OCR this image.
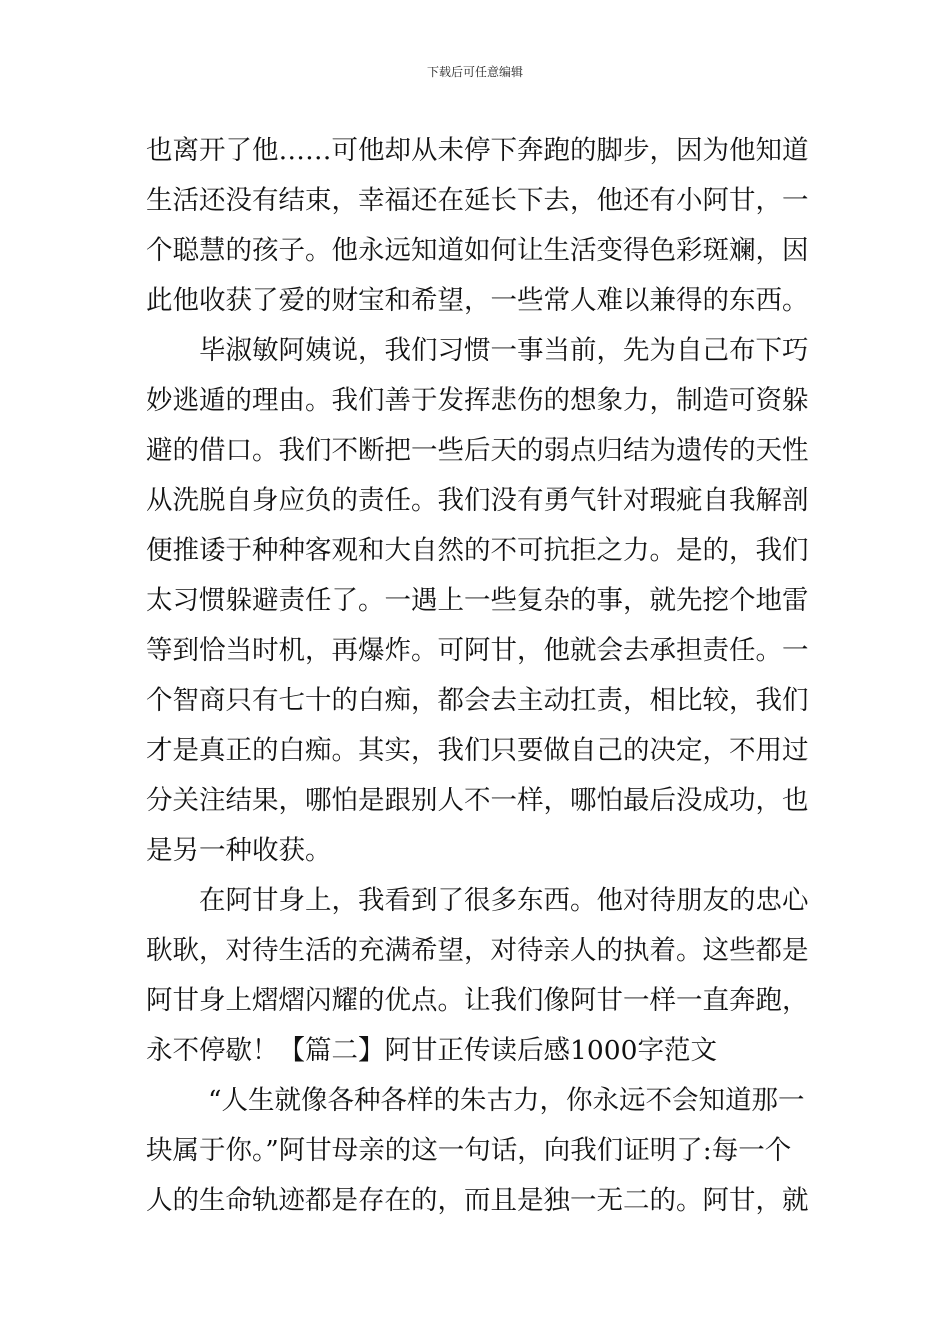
下载后可任意编辑
也离开了他……可他却从未停下奔跑的脚步，因为他知道
生活还没有结束，幸福还在延长下去，他还有小阿甘，一
个聪慧的孩子。他永远知道如何让生活变得色彩斑斓，因
此他收获了爱的财宝和希望，一些常人难以兼得的东西。
毕淑敏阿姨说，我们习惯一事当前，先为自己布下巧
妙逃遁的理由。我们善于发挥悲伤的想象力，制造可资躲
避的借口。我们不断把一些后天的弱点归结为遗传的天性
从洗脱自身应负的责任。我们没有勇气针对瑕疵自我解剖
便推诿于种种客观和大自然的不可抗拒之力。是的，我们
太习惯躲避责任了。一遇上一些复杂的事，就先挖个地雷
等到恰当时机，再爆炸。可阿甘，他就会去承担责任。一
个智商只有七十的白痴，都会去主动扛责，相比较，我们
才是真正的白痴。其实，我们只要做自己的决定，不用过
分关注结果，哪怕是跟别人不一样，哪怕最后没成功，也
是另一种收获。
在阿甘身上，我看到了很多东西。他对待朋友的忠心
耿耿，对待生活的充满希望，对待亲人的执着。这些都是
阿甘身上熠熠闪耀的优点。让我们像阿甘一样一直奔跑，
永不停歇！【篇二】阿甘正传读后感1000字范文
“人生就像各种各样的朱古力，你永远不会知道那一
块属于你。”阿甘母亲的这一句话，向我们证明了:每一个
人的生命轨迹都是存在的，而且是独一无二的。阿甘，就
